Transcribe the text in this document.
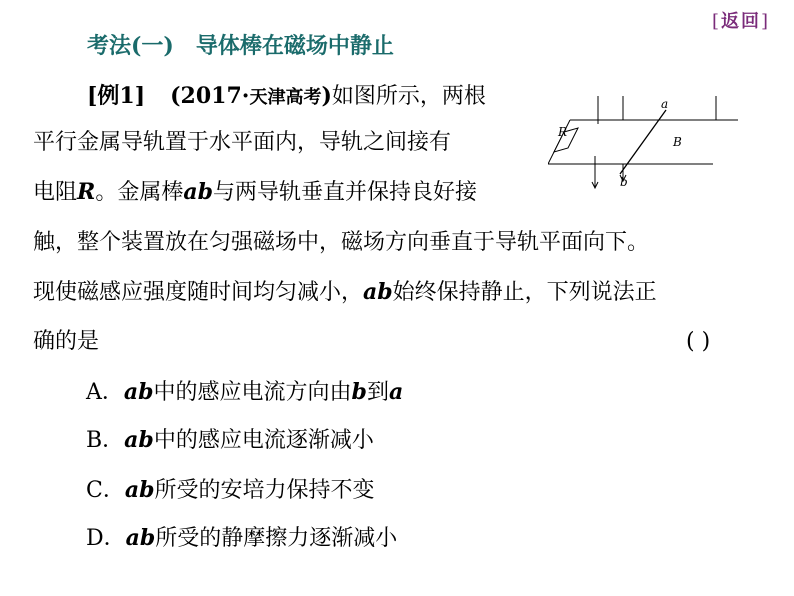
[返回]
考法(一) 导体棒在磁场中静止
[例1] (2017·天津高考)如图所示，两根
平行金属导轨置于水平面内，导轨之间接有
电阻R。金属棒ab与两导轨垂直并保持良好接
触，整个装置放在匀强磁场中，磁场方向垂直于导轨平面向下。
现使磁感应强度随时间均匀减小，ab始终保持静止，下列说法正
确的是	( )
R
a
b
B
A．ab中的感应电流方向由b到a
B．ab中的感应电流逐渐减小
C．ab所受的安培力保持不变
D．ab所受的静摩擦力逐渐减小
